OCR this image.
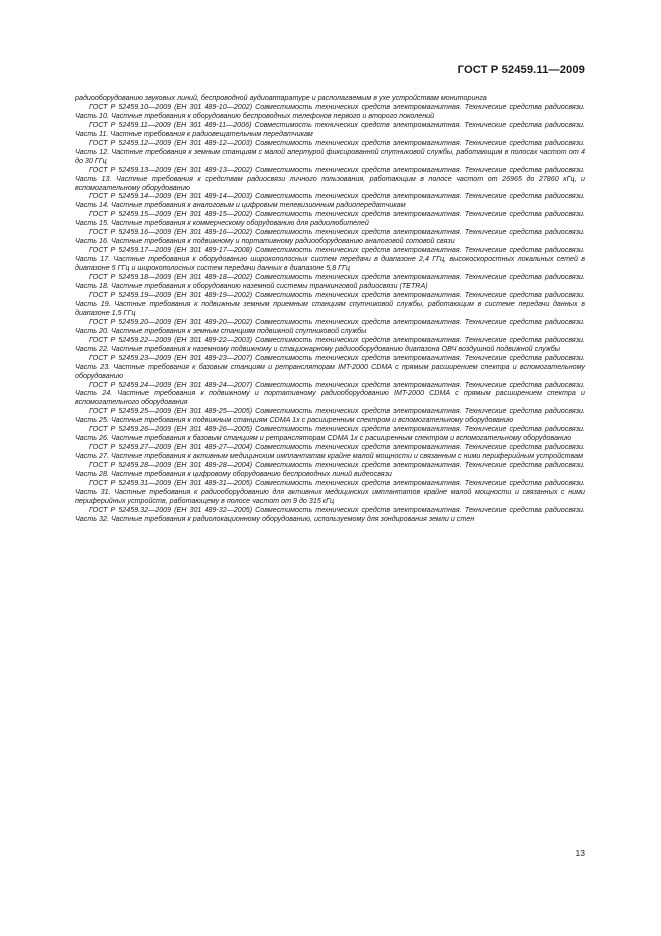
ГОСТ Р 52459.11—2009

радиооборудованию звуковых линий, беспроводной аудиоаппаратуре и располагаемым в ухе устройствам мониторинга

ГОСТ Р 52459.10—2009 (ЕН 301 489-10—2002) Совместимость технических средств электромагнитная. Технические средства радиосвязи. Часть 10. Частные требования к оборудованию беспроводных телефонов первого и второго поколений

ГОСТ Р 52459.11—2009 (ЕН 301 489-11—2006) Совместимость технических средств электромагнитная. Технические средства радиосвязи. Часть 11. Частные требования к радиовещательным передатчикам

ГОСТ Р 52459.12—2009 (ЕН 301 489-12—2003) Совместимость технических средств электромагнитная. Технические средства радиосвязи. Часть 12. Частные требования к земным станциям с малой апертурой фиксированной спутниковой службы, работающим в полосах частот от 4 до 30 ГГц

ГОСТ Р 52459.13—2009 (ЕН 301 489-13—2002) Совместимость технических средств электромагнитная. Технические средства радиосвязи. Часть 13. Частные требования к средствам радиосвязи личного пользования, работающим в полосе частот от 26965 до 27860 кГц, и вспомогательному оборудованию

ГОСТ Р 52459.14—2009 (ЕН 301 489-14—2003) Совместимость технических средств электромагнитная. Технические средства радиосвязи. Часть 14. Частные требования к аналоговым и цифровым телевизионным радиопередатчикам

ГОСТ Р 52459.15—2009 (ЕН 301 489-15—2002) Совместимость технических средств электромагнитная. Технические средства радиосвязи. Часть 15. Частные требования к коммерческому оборудованию для радиолюбителей

ГОСТ Р 52459.16—2009 (ЕН 301 489-16—2002) Совместимость технических средств электромагнитная. Технические средства радиосвязи. Часть 16. Частные требования к подвижному и портативному радиооборудованию аналоговой сотовой связи

ГОСТ Р 52459.17—2009 (ЕН 301 489-17—2008) Совместимость технических средств электромагнитная. Технические средства радиосвязи. Часть 17. Частные требования к оборудованию широкополосных систем передачи в диапазоне 2,4 ГГц, высокоскоростных локальных сетей в диапазоне 5 ГГц и широкополосных систем передачи данных в диапазоне 5,8 ГГц

ГОСТ Р 52459.18—2009 (ЕН 301 489-18—2002) Совместимость технических средств электромагнитная. Технические средства радиосвязи. Часть 18. Частные требования к оборудованию наземной системы транкинговой радиосвязи (TETRA)

ГОСТ Р 52459.19—2009 (ЕН 301 489-19—2002) Совместимость технических средств электромагнитная. Технические средства радиосвязи. Часть 19. Частные требования к подвижным земным приемным станциям спутниковой службы, работающим в системе передачи данных в диапазоне 1,5 ГГц

ГОСТ Р 52459.20—2009 (ЕН 301 489-20—2002) Совместимость технических средств электромагнитная. Технические средства радиосвязи. Часть 20. Частные требования к земным станциям подвижной спутниковой службы

ГОСТ Р 52459.22—2009 (ЕН 301 489-22—2003) Совместимость технических средств электромагнитная. Технические средства радиосвязи. Часть 22. Частные требования к наземному подвижному и стационарному радиооборудованию диапазона ОВЧ воздушной подвижной службы

ГОСТ Р 52459.23—2009 (ЕН 301 489-23—2007) Совместимость технических средств электромагнитная. Технические средства радиосвязи. Часть 23. Частные требования к базовым станциям и ретрансляторам IMT-2000 CDMA с прямым расширением спектра и вспомогательному оборудованию

ГОСТ Р 52459.24—2009 (ЕН 301 489-24—2007) Совместимость технических средств электромагнитная. Технические средства радиосвязи. Часть 24. Частные требования к подвижному и портативному радиооборудованию IMT-2000 CDMA с прямым расширением спектра и вспомогательного оборудования

ГОСТ Р 52459.25—2009 (ЕН 301 489-25—2005) Совместимость технических средств электромагнитная. Технические средства радиосвязи. Часть 25. Частные требования к подвижным станциям CDMA 1x с расширенным спектром и вспомогательному оборудованию

ГОСТ Р 52459.26—2009 (ЕН 301 489-26—2005) Совместимость технических средств электромагнитная. Технические средства радиосвязи. Часть 26. Частные требования к базовым станциям и ретрансляторам CDMA 1x с расширенным спектром и вспомогательному оборудованию

ГОСТ Р 52459.27—2009 (ЕН 301 489-27—2004) Совместимость технических средств электромагнитная. Технические средства радиосвязи. Часть 27. Частные требования к активным медицинским имплантатам крайне малой мощности и связанным с ними периферийным устройствам

ГОСТ Р 52459.28—2009 (ЕН 301 489-28—2004) Совместимость технических средств электромагнитная. Технические средства радиосвязи. Часть 28. Частные требования к цифровому оборудованию беспроводных линий видеосвязи

ГОСТ Р 52459.31—2009 (ЕН 301 489-31—2005) Совместимость технических средств электромагнитная. Технические средства радиосвязи. Часть 31. Частные требования к радиооборудованию для активных медицинских имплантатов крайне малой мощности и связанных с ними периферийных устройств, работающему в полосе частот от 9 до 315 кГц

ГОСТ Р 52459.32—2009 (ЕН 301 489-32—2005) Совместимость технических средств электромагнитная. Технические средства радиосвязи. Часть 32. Частные требования к радиолокационному оборудованию, используемому для зондирования земли и стен

13
